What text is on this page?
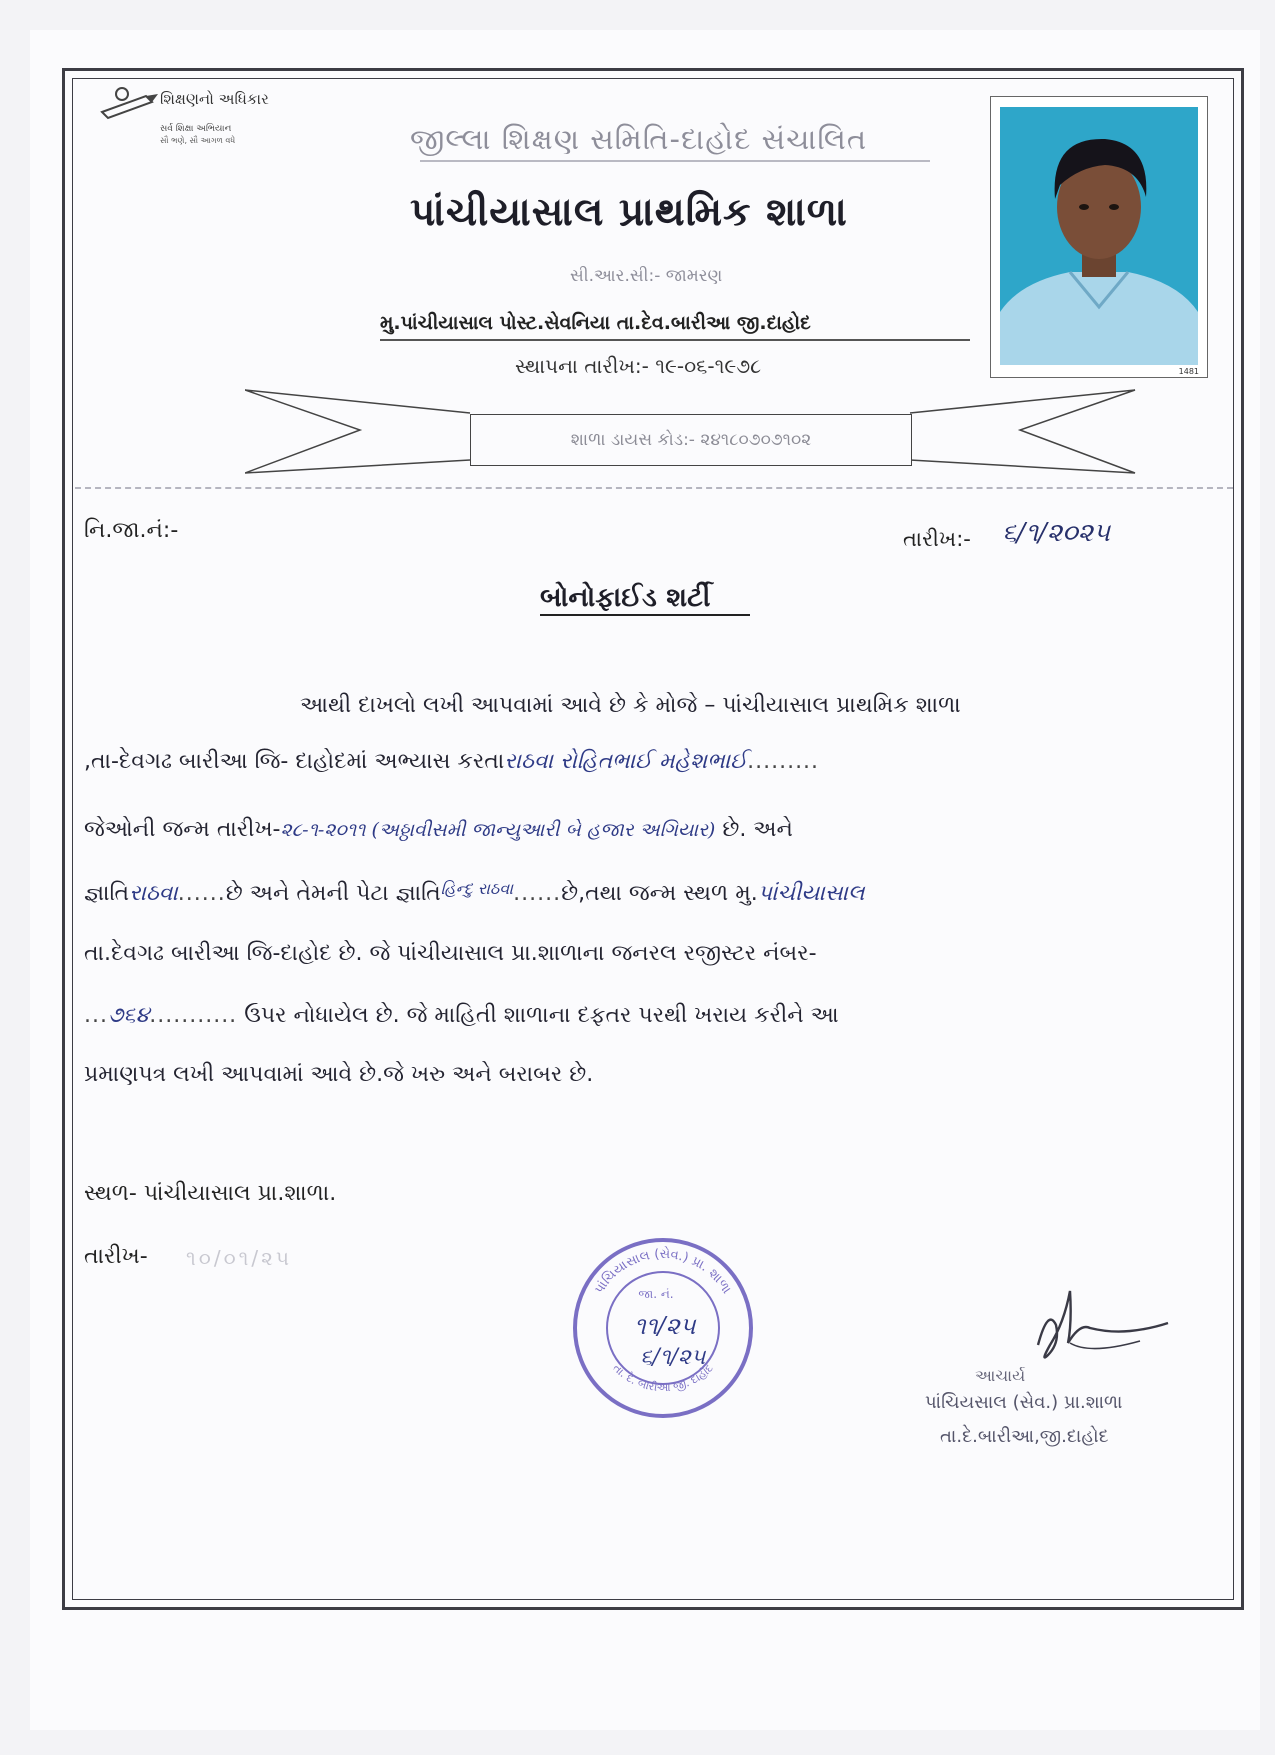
શિક્ષણનો અધિકાર
સર્વ શિક્ષા અભિયાન
સૌ ભણે, સૌ આગળ વધે	જીલ્લા શિક્ષણ સમિતિ-દાહોદ સંચાલિત
પાંચીયાસાલ પ્રાથમિક શાળા
સી.આર.સી:- જામરણ
મુ.પાંચીયાસાલ પોસ્ટ.સેવનિયા તા.દેવ.બારીઆ જી.દાહોદ
સ્થાપના તારીખ:- ૧૯-૦૬-૧૯૭૮
શાળા ડાયસ કોડ:- ૨૪૧૮૦૭૦૭૧૦૨
1481
નિ.જા.નં:-	તારીખ:- ૬/૧/૨૦૨૫
બોનોફાઈડ શર્ટી
આથી દાખલો લખી આપવામાં આવે છે કે મોજે – પાંચીયાસાલ પ્રાથમિક શાળા
,તા-દેવગઢ બારીઆ જિ- દાહોદમાં અભ્યાસ કરતારાઠવા રોહિતભાઈ મહેશભાઈ.........
જેઓની જન્મ તારીખ-૨૮-૧-૨૦૧૧ (અઠ્ઠાવીસમી જાન્યુઆરી બે હજાર અગિયાર) છે. અને
જ્ઞાતિરાઠવા......છે અને તેમની પેટા જ્ઞાતિ$^{હિન્દુ રાઠવા}$......છે,તથા જન્મ સ્થળ મુ.પાંચીયાસાલ
તા.દેવગઢ બારીઆ જિ-દાહોદ છે. જે પાંચીયાસાલ પ્રા.શાળાના જનરલ રજીસ્ટર નંબર-
...૭૬૪........... ઉપર નોધાયેલ છે. જે માહિતી શાળાના દફતર પરથી ખરાય કરીને આ
પ્રમાણપત્ર લખી આપવામાં આવે છે.જે ખરુ અને બરાબર છે.
સ્થળ- પાંચીયાસાલ પ્રા.શાળા.
તારીખ- ૧૦/૦૧/૨૫
પાંચિયાસાલ (સેવ.) પ્રા. શાળા
તા. દે. બારીઆ જી. દાહોદ
જા. નં.
૧૧/૨૫
૬/૧/૨૫
આચાર્ય
પાંચિયસાલ (સેવ.) પ્રા.શાળા
તા.દે.બારીઆ,જી.દાહોદ
